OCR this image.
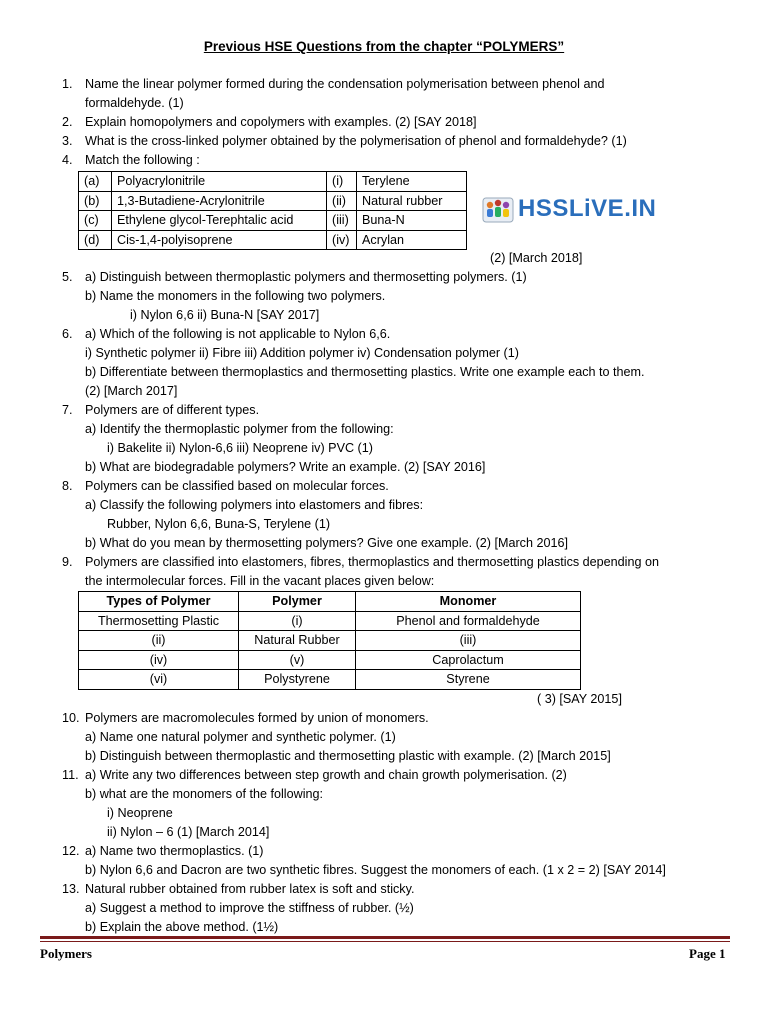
Previous HSE Questions from the chapter “POLYMERS”
1. Name the linear polymer formed during the condensation polymerisation between phenol and
formaldehyde. (1)
2. Explain homopolymers and copolymers with examples. (2) [SAY 2018]
3. What is the cross-linked polymer obtained by the polymerisation of phenol and formaldehyde? (1)
4. Match the following :
(2) [March 2018]
5. a) Distinguish between thermoplastic polymers and thermosetting polymers. (1)
b) Name the monomers in the following two polymers.
i) Nylon 6,6 ii) Buna-N [SAY 2017]
6. a) Which of the following is not applicable to Nylon 6,6.
i) Synthetic polymer ii) Fibre iii) Addition polymer iv) Condensation polymer (1)
b) Differentiate between thermoplastics and thermosetting plastics. Write one example each to them.
(2) [March 2017]
7. Polymers are of different types.
a) Identify the thermoplastic polymer from the following:
i) Bakelite ii) Nylon-6,6 iii) Neoprene iv) PVC (1)
b) What are biodegradable polymers? Write an example. (2) [SAY 2016]
8. Polymers can be classified based on molecular forces.
a) Classify the following polymers into elastomers and fibres:
Rubber, Nylon 6,6, Buna-S, Terylene (1)
b) What do you mean by thermosetting polymers? Give one example. (2) [March 2016]
9. Polymers are classified into elastomers, fibres, thermoplastics and thermosetting plastics depending on
the intermolecular forces. Fill in the vacant places given below:
( 3) [SAY 2015]
10. Polymers are macromolecules formed by union of monomers.
a) Name one natural polymer and synthetic polymer. (1)
b) Distinguish between thermoplastic and thermosetting plastic with example. (2) [March 2015]
11. a) Write any two differences between step growth and chain growth polymerisation. (2)
b) what are the monomers of the following:
i) Neoprene
ii) Nylon – 6 (1) [March 2014]
12. a) Name two thermoplastics. (1)
b) Nylon 6,6 and Dacron are two synthetic fibres. Suggest the monomers of each. (1 x 2 = 2) [SAY 2014]
13. Natural rubber obtained from rubber latex is soft and sticky.
a) Suggest a method to improve the stiffness of rubber. (½)
b) Explain the above method. (1½)
(a)	Polyacrylonitrile	(i)	Terylene
(b)	1,3-Butadiene-Acrylonitrile	(ii)	Natural rubber
(c)	Ethylene glycol-Terephtalic acid	(iii)	Buna-N
(d)	Cis-1,4-polyisoprene	(iv)	Acrylan
HSSLiVE.IN
Types of Polymer	Polymer	Monomer
Thermosetting Plastic	(i)	Phenol and formaldehyde
(ii)	Natural Rubber	(iii)
(iv)	(v)	Caprolactum
(vi)	Polystyrene	Styrene
Polymers	Page 1
